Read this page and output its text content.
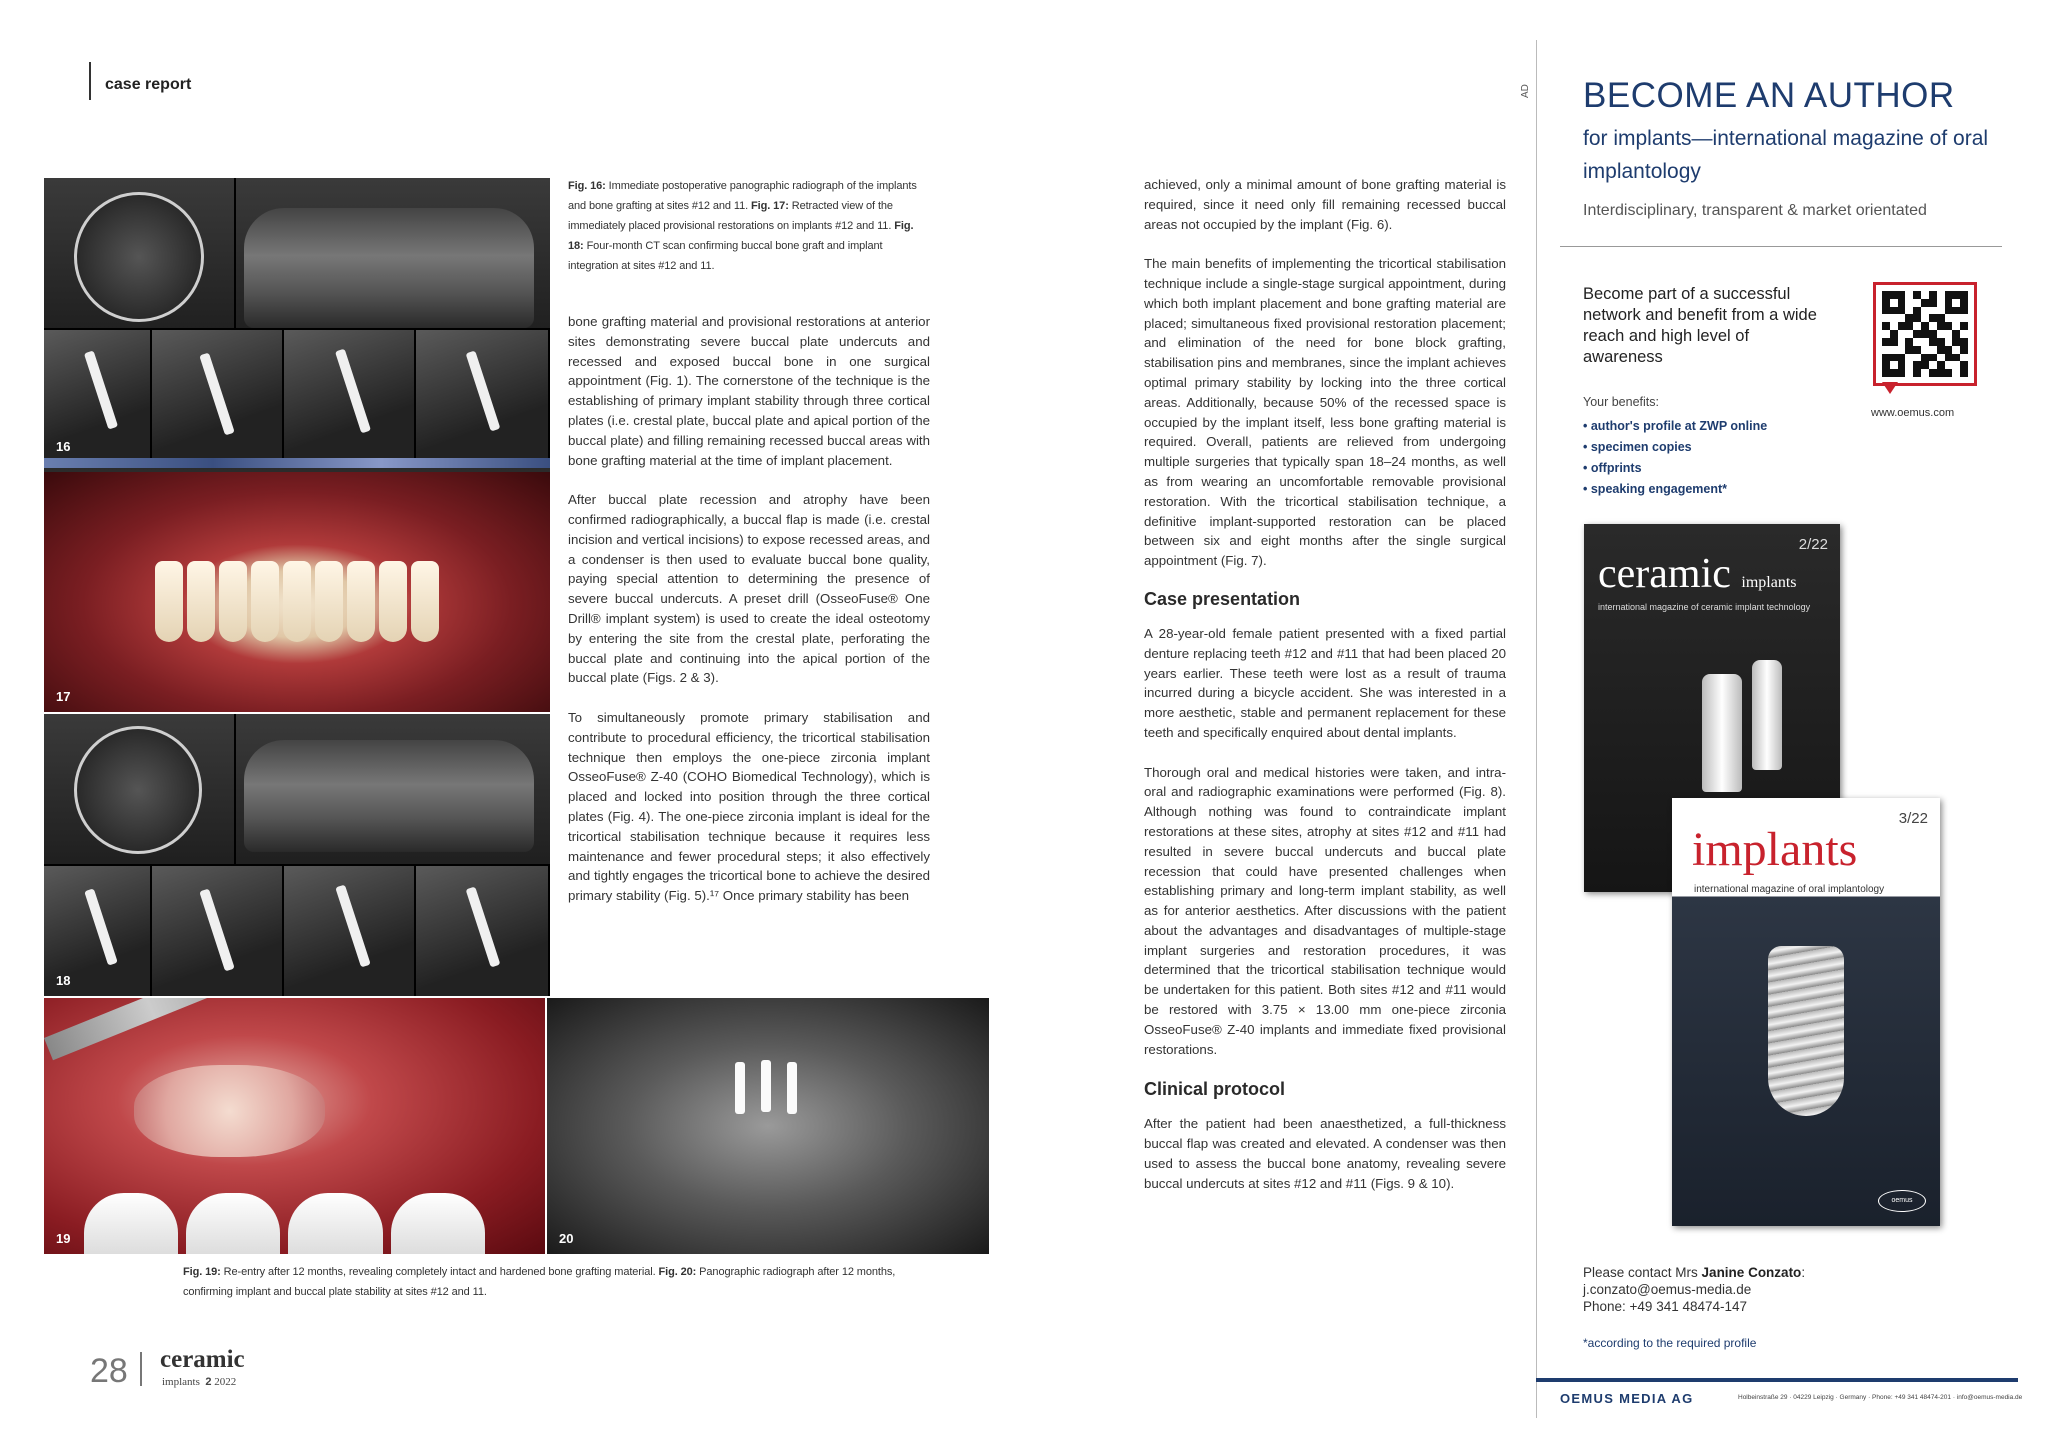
case report
16
17
18
19	20
Fig. 16: Immediate postoperative panographic radiograph of the implants and bone grafting at sites #12 and 11. Fig. 17: Retracted view of the immediately placed provisional restorations on implants #12 and 11. Fig. 18: Four-month CT scan confirming buccal bone graft and implant integration at sites #12 and 11.

bone grafting material and provisional restorations at anterior sites demonstrating severe buccal plate undercuts and recessed and exposed buccal bone in one surgical appointment (Fig. 1). The cornerstone of the technique is the establishing of primary implant stability through three cortical plates (i.e. crestal plate, buccal plate and apical portion of the buccal plate) and filling remaining recessed buccal areas with bone grafting material at the time of implant placement.

After buccal plate recession and atrophy have been confirmed radiographically, a buccal flap is made (i.e. crestal incision and vertical incisions) to expose recessed areas, and a condenser is then used to evaluate buccal bone quality, paying special attention to determining the presence of severe buccal undercuts. A preset drill (OsseoFuse® One Drill® implant system) is used to create the ideal osteotomy by entering the site from the crestal plate, perforating the buccal plate and continuing into the apical portion of the buccal plate (Figs. 2 & 3).

To simultaneously promote primary stabilisation and contribute to procedural efficiency, the tricortical stabilisation technique then employs the one-piece zirconia implant OsseoFuse® Z-40 (COHO Biomedical Technology), which is placed and locked into position through the three cortical plates (Fig. 4). The one-piece zirconia implant is ideal for the tricortical stabilisation technique because it requires less maintenance and fewer procedural steps; it also effectively and tightly engages the tricortical bone to achieve the desired primary stability (Fig. 5).¹⁷ Once primary stability has been

Fig. 19: Re-entry after 12 months, revealing completely intact and hardened bone grafting material. Fig. 20: Panographic radiograph after 12 months, confirming implant and buccal plate stability at sites #12 and 11.

achieved, only a minimal amount of bone grafting material is required, since it need only fill remaining recessed buccal areas not occupied by the implant (Fig. 6).

The main benefits of implementing the tricortical stabilisation technique include a single-stage surgical appointment, during which both implant placement and bone grafting material are placed; simultaneous fixed provisional restoration placement; and elimination of the need for bone block grafting, stabilisation pins and membranes, since the implant achieves optimal primary stability by locking into the three cortical areas. Additionally, because 50% of the recessed space is occupied by the implant itself, less bone grafting material is required. Overall, patients are relieved from undergoing multiple surgeries that typically span 18–24 months, as well as from wearing an uncomfortable removable provisional restoration. With the tricortical stabilisation technique, a definitive implant-supported restoration can be placed between six and eight months after the single surgical appointment (Fig. 7).

Case presentation

A 28-year-old female patient presented with a fixed partial denture replacing teeth #12 and #11 that had been placed 20 years earlier. These teeth were lost as a result of trauma incurred during a bicycle accident. She was interested in a more aesthetic, stable and permanent replacement for these teeth and specifically enquired about dental implants.

Thorough oral and medical histories were taken, and intra-oral and radiographic examinations were performed (Fig. 8). Although nothing was found to contraindicate implant restorations at these sites, atrophy at sites #12 and #11 had resulted in severe buccal undercuts and buccal plate recession that could have presented challenges when establishing primary and long-term implant stability, as well as for anterior aesthetics. After discussions with the patient about the advantages and disadvantages of multiple-stage implant surgeries and restoration procedures, it was determined that the tricortical stabilisation technique would be undertaken for this patient. Both sites #12 and #11 would be restored with 3.75 × 13.00 mm one-piece zirconia OsseoFuse® Z-40 implants and immediate fixed provisional restorations.

Clinical protocol

After the patient had been anaesthetized, a full-thickness buccal flap was created and elevated. A condenser was then used to assess the buccal bone anatomy, revealing severe buccal undercuts at sites #12 and #11 (Figs. 9 & 10).

28 ceramic
implants 2 2022
AD BECOME AN AUTHOR
for implants—international magazine of oral implantology
Interdisciplinary, transparent & market orientated
Become part of a successful network and benefit from a wide reach and high level of awareness
www.oemus.com
Your benefits:
• author's profile at ZWP online
• specimen copies
• offprints
• speaking engagement*
2/22
ceramic implants
international magazine of ceramic implant technology
3/22
implants
international magazine of oral implantology
oemus
Please contact Mrs Janine Conzato:
j.conzato@oemus-media.de
Phone: +49 341 48474-147
*according to the required profile
OEMUS MEDIA AG	Holbeinstraße 29 · 04229 Leipzig · Germany · Phone: +49 341 48474-201 · info@oemus-media.de
